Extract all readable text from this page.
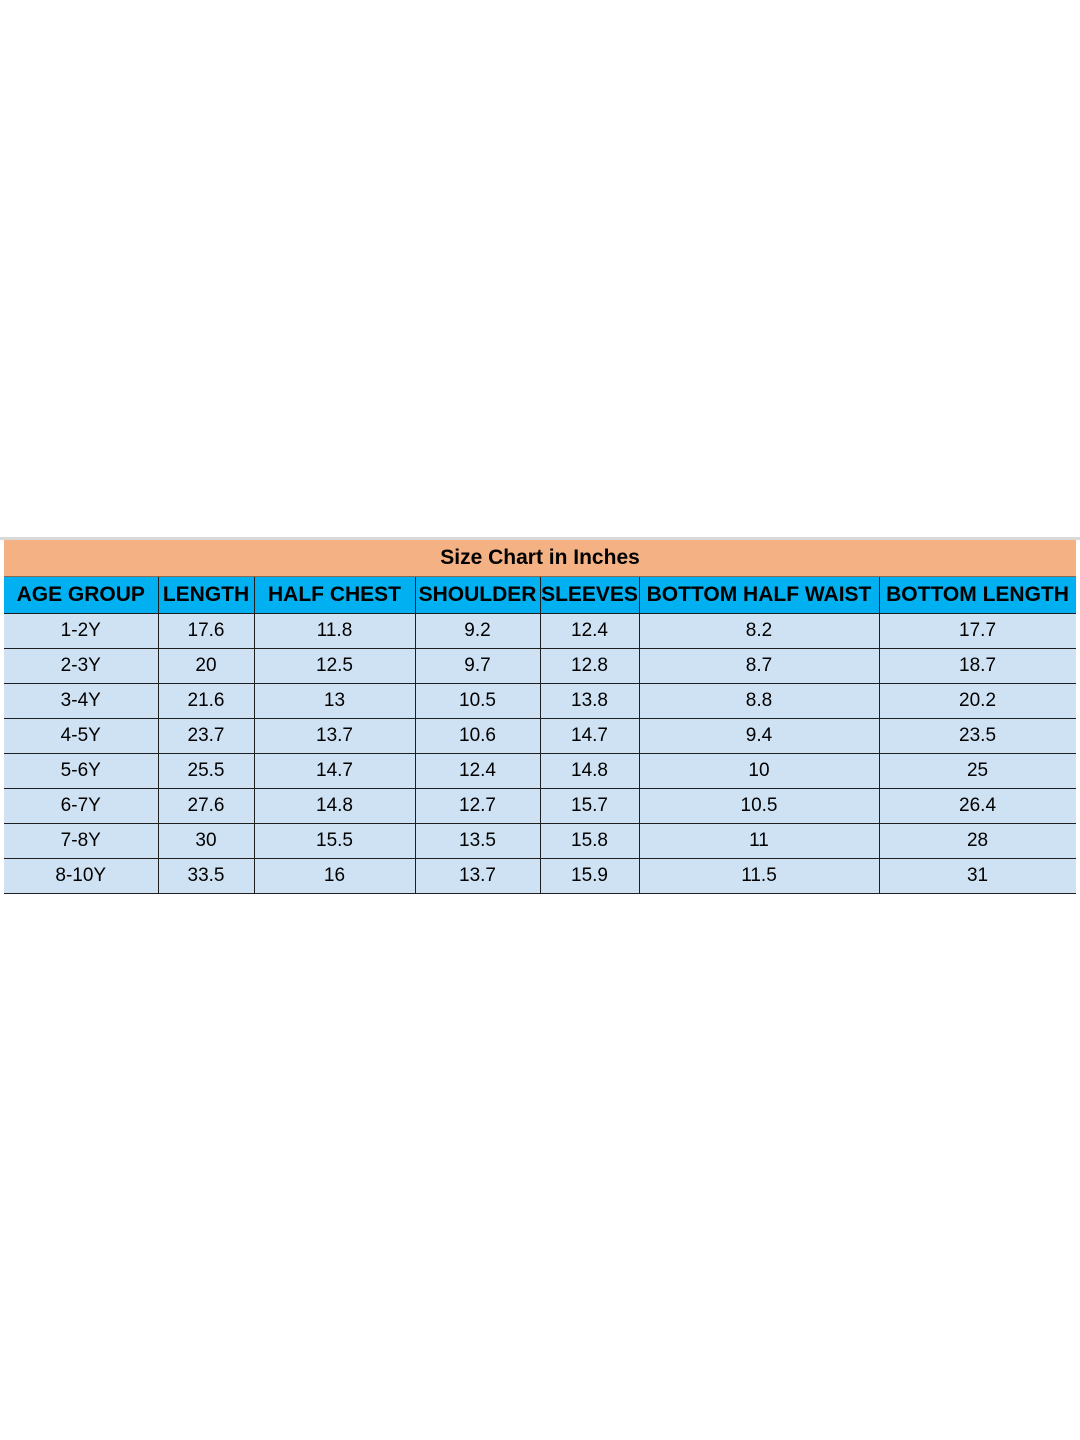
Size Chart in Inches						
AGE GROUP	LENGTH	HALF CHEST	SHOULDER	SLEEVES	BOTTOM HALF WAIST	BOTTOM LENGTH
1-2Y	17.6	11.8	9.2	12.4	8.2	17.7
2-3Y	20	12.5	9.7	12.8	8.7	18.7
3-4Y	21.6	13	10.5	13.8	8.8	20.2
4-5Y	23.7	13.7	10.6	14.7	9.4	23.5
5-6Y	25.5	14.7	12.4	14.8	10	25
6-7Y	27.6	14.8	12.7	15.7	10.5	26.4
7-8Y	30	15.5	13.5	15.8	11	28
8-10Y	33.5	16	13.7	15.9	11.5	31
